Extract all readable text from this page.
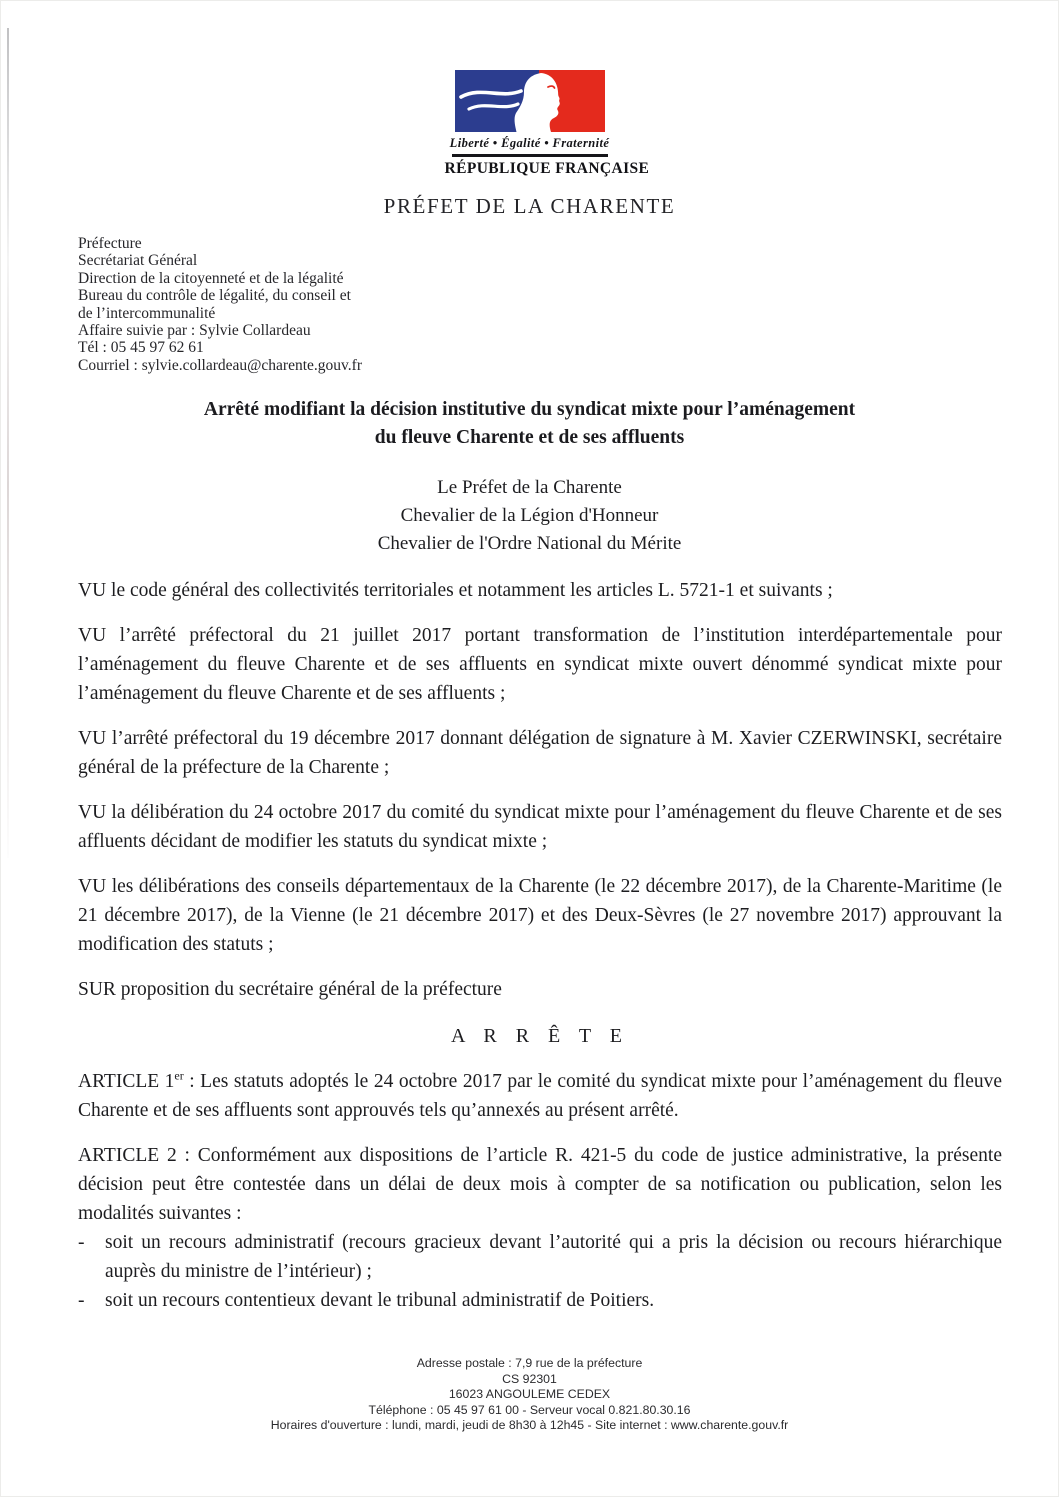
Liberté • Égalité • Fraternité
RÉPUBLIQUE FRANÇAISE
PRÉFET DE LA CHARENTE
Préfecture
Secrétariat Général
Direction de la citoyenneté et de la légalité
Bureau du contrôle de légalité, du conseil et
de l’intercommunalité
Affaire suivie par : Sylvie Collardeau
Tél : 05 45 97 62 61
Courriel : sylvie.collardeau@charente.gouv.fr
Arrêté modifiant la décision institutive du syndicat mixte pour l’aménagement
du fleuve Charente et de ses affluents
Le Préfet de la Charente
Chevalier de la Légion d'Honneur
Chevalier de l'Ordre National du Mérite

VU le code général des collectivités territoriales et notamment les articles L. 5721-1 et suivants ;

VU l’arrêté préfectoral du 21 juillet 2017 portant transformation de l’institution interdépartementale pour l’aménagement du fleuve Charente et de ses affluents en syndicat mixte ouvert dénommé syndicat mixte pour l’aménagement du fleuve Charente et de ses affluents ;

VU l’arrêté préfectoral du 19 décembre 2017 donnant délégation de signature à M. Xavier CZERWINSKI, secrétaire général de la préfecture de la Charente ;

VU la délibération du 24 octobre 2017 du comité du syndicat mixte pour l’aménagement du fleuve Charente et de ses affluents décidant de modifier les statuts du syndicat mixte ;

VU les délibérations des conseils départementaux de la Charente (le 22 décembre 2017), de la Charente-Maritime (le 21 décembre 2017), de la Vienne (le 21 décembre 2017) et des Deux-Sèvres (le 27 novembre 2017) approuvant la modification des statuts ;

SUR proposition du secrétaire général de la préfecture

A R R Ê T E

ARTICLE 1er : Les statuts adoptés le 24 octobre 2017 par le comité du syndicat mixte pour l’aménagement du fleuve Charente et de ses affluents sont approuvés tels qu’annexés au présent arrêté.

ARTICLE 2 : Conformément aux dispositions de l’article R. 421-5 du code de justice administrative, la présente décision peut être contestée dans un délai de deux mois à compter de sa notification ou publication, selon les modalités suivantes :

-	soit un recours administratif (recours gracieux devant l’autorité qui a pris la décision ou recours hiérarchique auprès du ministre de l’intérieur) ;
-	soit un recours contentieux devant le tribunal administratif de Poitiers.
Adresse postale : 7,9 rue de la préfecture
CS 92301
16023 ANGOULEME CEDEX
Téléphone : 05 45 97 61 00 - Serveur vocal 0.821.80.30.16
Horaires d'ouverture : lundi, mardi, jeudi de 8h30 à 12h45 - Site internet : www.charente.gouv.fr
